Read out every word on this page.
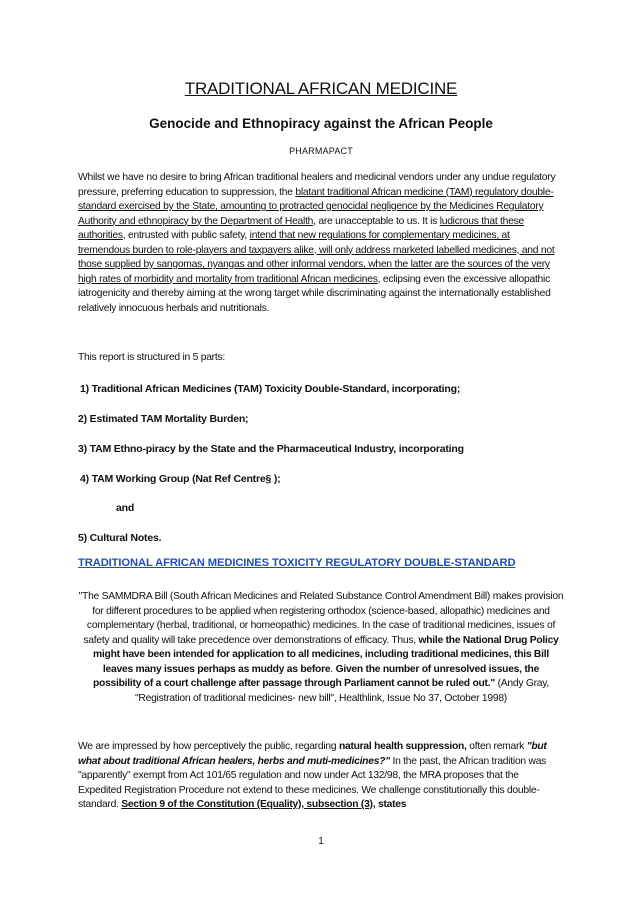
TRADITIONAL AFRICAN MEDICINE
Genocide and Ethnopiracy against the African People
PHARMAPACT
Whilst we have no desire to bring African traditional healers and medicinal vendors under any undue regulatory pressure, preferring education to suppression, the blatant traditional African medicine (TAM) regulatory double-standard exercised by the State, amounting to protracted genocidal negligence by the Medicines Regulatory Authority and ethnopiracy by the Department of Health, are unacceptable to us. It is ludicrous that these authorities, entrusted with public safety, intend that new regulations for complementary medicines, at tremendous burden to role-players and taxpayers alike, will only address marketed labelled medicines, and not those supplied by sangomas, nyangas and other informal vendors, when the latter are the sources of the very high rates of morbidity and mortality from traditional African medicines, eclipsing even the excessive allopathic iatrogenicity and thereby aiming at the wrong target while discriminating against the internationally established relatively innocuous herbals and nutritionals.
This report is structured in 5 parts:
1) Traditional African Medicines (TAM) Toxicity Double-Standard, incorporating;
2) Estimated TAM Mortality Burden;
3) TAM Ethno-piracy by the State and the Pharmaceutical Industry, incorporating
4) TAM Working Group (Nat Ref Centre§ );
and
5) Cultural Notes.
TRADITIONAL AFRICAN MEDICINES TOXICITY REGULATORY DOUBLE-STANDARD
"The SAMMDRA Bill (South African Medicines and Related Substance Control Amendment Bill) makes provision for different procedures to be applied when registering orthodox (science-based, allopathic) medicines and complementary (herbal, traditional, or homeopathic) medicines. In the case of traditional medicines, issues of safety and quality will take precedence over demonstrations of efficacy. Thus, while the National Drug Policy might have been intended for application to all medicines, including traditional medicines, this Bill leaves many issues perhaps as muddy as before. Given the number of unresolved issues, the possibility of a court challenge after passage through Parliament cannot be ruled out." (Andy Gray, "Registration of traditional medicines- new bill", Healthlink, Issue No 37, October 1998)
We are impressed by how perceptively the public, regarding natural health suppression, often remark "but what about traditional African healers, herbs and muti-medicines?" In the past, the African tradition was "apparently" exempt from Act 101/65 regulation and now under Act 132/98, the MRA proposes that the Expedited Registration Procedure not extend to these medicines. We challenge constitutionally this double-standard. Section 9 of the Constitution (Equality), subsection (3), states
1
